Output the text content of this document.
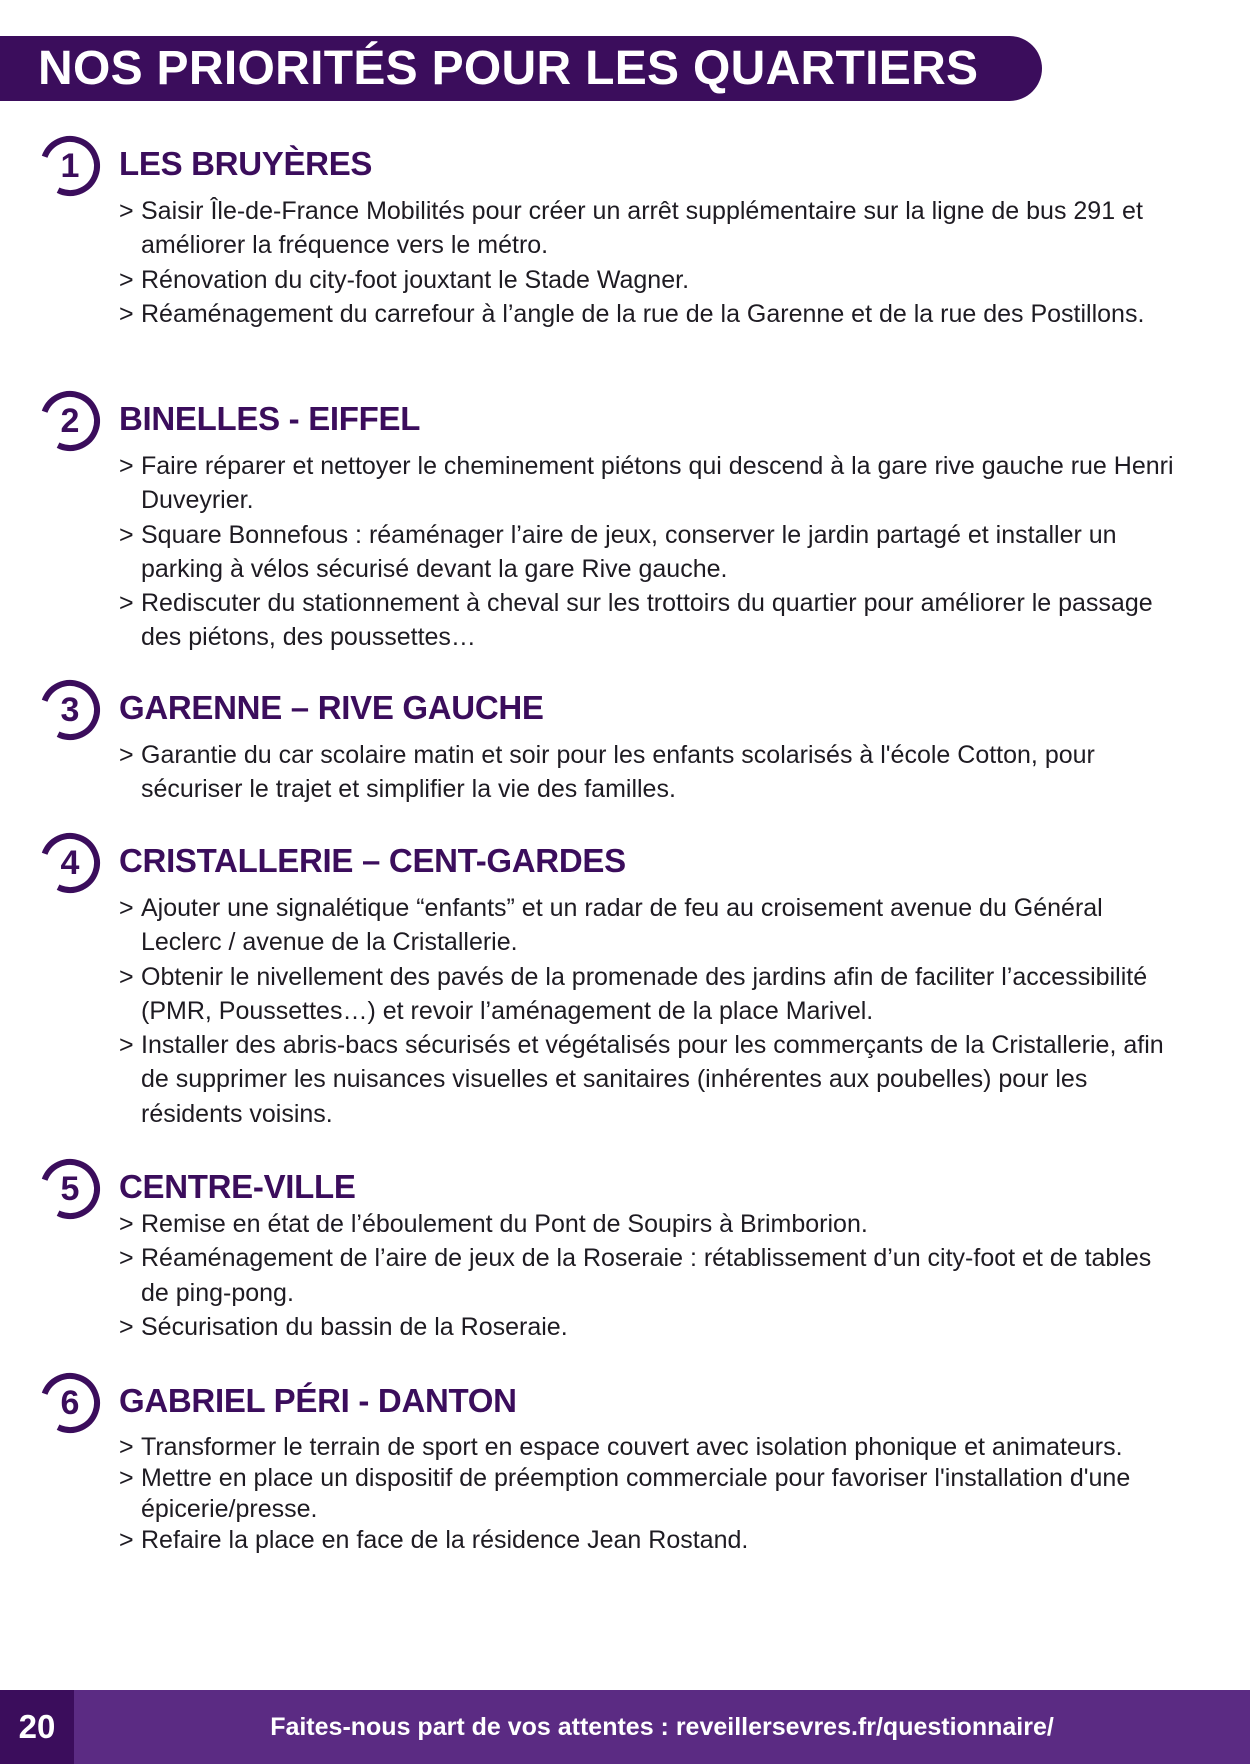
NOS PRIORITÉS POUR LES QUARTIERS
1	LES BRUYÈRES
> Saisir Île-de-France Mobilités pour créer un arrêt supplémentaire sur la ligne de bus 291 et améliorer la fréquence vers le métro.
> Rénovation du city-foot jouxtant le Stade Wagner.
> Réaménagement du carrefour à l’angle de la rue de la Garenne et de la rue des Postillons.
2	BINELLES - EIFFEL
> Faire réparer et nettoyer le cheminement piétons qui descend à la gare rive gauche rue Henri Duveyrier.
> Square Bonnefous : réaménager l’aire de jeux, conserver le jardin partagé et installer un parking à vélos sécurisé devant la gare Rive gauche.
> Rediscuter du stationnement à cheval sur les trottoirs du quartier pour améliorer le passage des piétons, des poussettes…
3	GARENNE – RIVE GAUCHE
> Garantie du car scolaire matin et soir pour les enfants scolarisés à l'école Cotton, pour sécuriser le trajet et simplifier la vie des familles.
4	CRISTALLERIE – CENT-GARDES
> Ajouter une signalétique “enfants” et un radar de feu au croisement avenue du Général Leclerc / avenue de la Cristallerie.
> Obtenir le nivellement des pavés de la promenade des jardins afin de faciliter l’accessibilité (PMR, Poussettes…) et revoir l’aménagement de la place Marivel.
> Installer des abris-bacs sécurisés et végétalisés pour les commerçants de la Cristallerie, afin de supprimer les nuisances visuelles et sanitaires (inhérentes aux poubelles) pour les résidents voisins.
5	CENTRE-VILLE
> Remise en état de l’éboulement du Pont de Soupirs à Brimborion.
> Réaménagement de l’aire de jeux de la Roseraie : rétablissement d’un city-foot et de tables de ping-pong.
> Sécurisation du bassin de la Roseraie.
6	GABRIEL PÉRI - DANTON
> Transformer le terrain de sport en espace couvert avec isolation phonique et animateurs.
> Mettre en place un dispositif de préemption commerciale pour favoriser l'installation d'une épicerie/presse.
> Refaire la place en face de la résidence Jean Rostand.
20	Faites-nous part de vos attentes : reveillersevres.fr/questionnaire/
